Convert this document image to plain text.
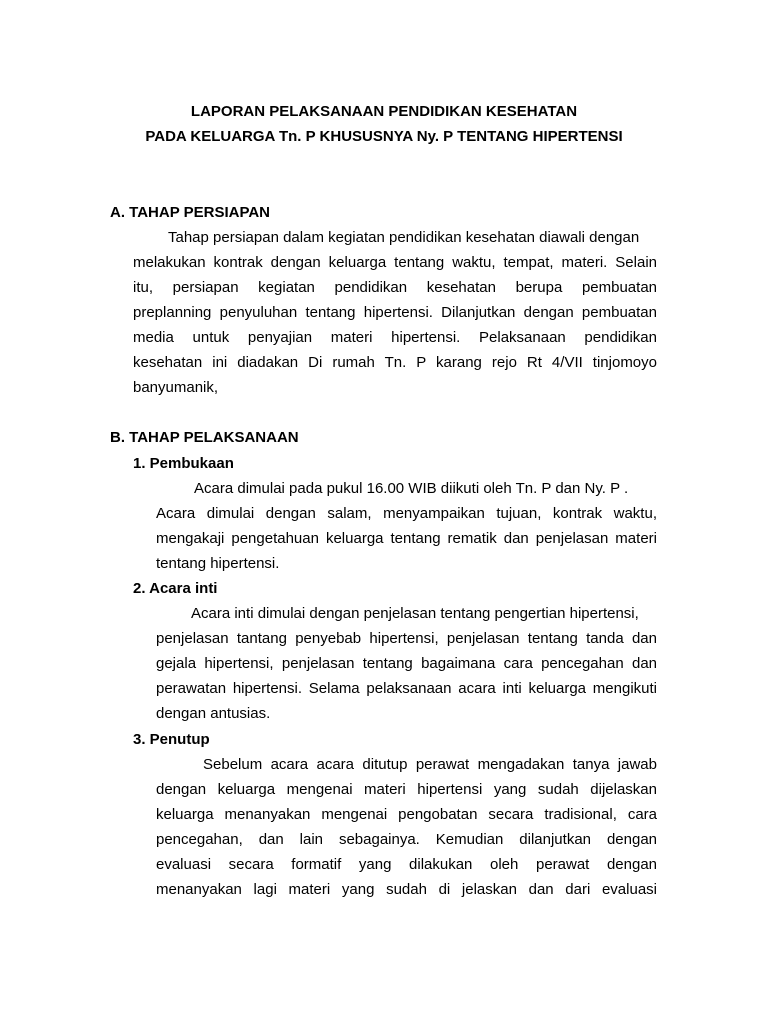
LAPORAN PELAKSANAAN PENDIDIKAN KESEHATAN
PADA KELUARGA Tn. P KHUSUSNYA Ny. P TENTANG HIPERTENSI
A. TAHAP PERSIAPAN
Tahap persiapan dalam kegiatan pendidikan kesehatan diawali dengan
melakukan kontrak dengan keluarga tentang waktu, tempat, materi. Selain
itu, persiapan kegiatan pendidikan kesehatan berupa pembuatan
preplanning penyuluhan tentang hipertensi. Dilanjutkan dengan pembuatan
media untuk penyajian materi hipertensi. Pelaksanaan pendidikan
kesehatan ini diadakan Di rumah Tn. P karang rejo Rt 4/VII tinjomoyo
banyumanik,
B. TAHAP PELAKSANAAN
1. Pembukaan
Acara dimulai pada pukul 16.00 WIB diikuti oleh Tn. P dan Ny. P .
Acara dimulai dengan salam, menyampaikan tujuan, kontrak waktu,
mengakaji pengetahuan keluarga tentang rematik dan penjelasan materi
tentang hipertensi.
2. Acara inti
Acara inti dimulai dengan penjelasan tentang pengertian hipertensi,
penjelasan tantang penyebab hipertensi, penjelasan tentang tanda dan
gejala hipertensi, penjelasan tentang bagaimana cara pencegahan dan
perawatan hipertensi. Selama pelaksanaan acara inti keluarga mengikuti
dengan antusias.
3. Penutup
Sebelum acara acara ditutup perawat mengadakan tanya jawab
dengan keluarga mengenai materi hipertensi yang sudah dijelaskan
keluarga menanyakan mengenai pengobatan secara tradisional, cara
pencegahan, dan lain sebagainya. Kemudian dilanjutkan dengan
evaluasi secara formatif yang dilakukan oleh perawat dengan
menanyakan lagi materi yang sudah di jelaskan dan dari evaluasi
